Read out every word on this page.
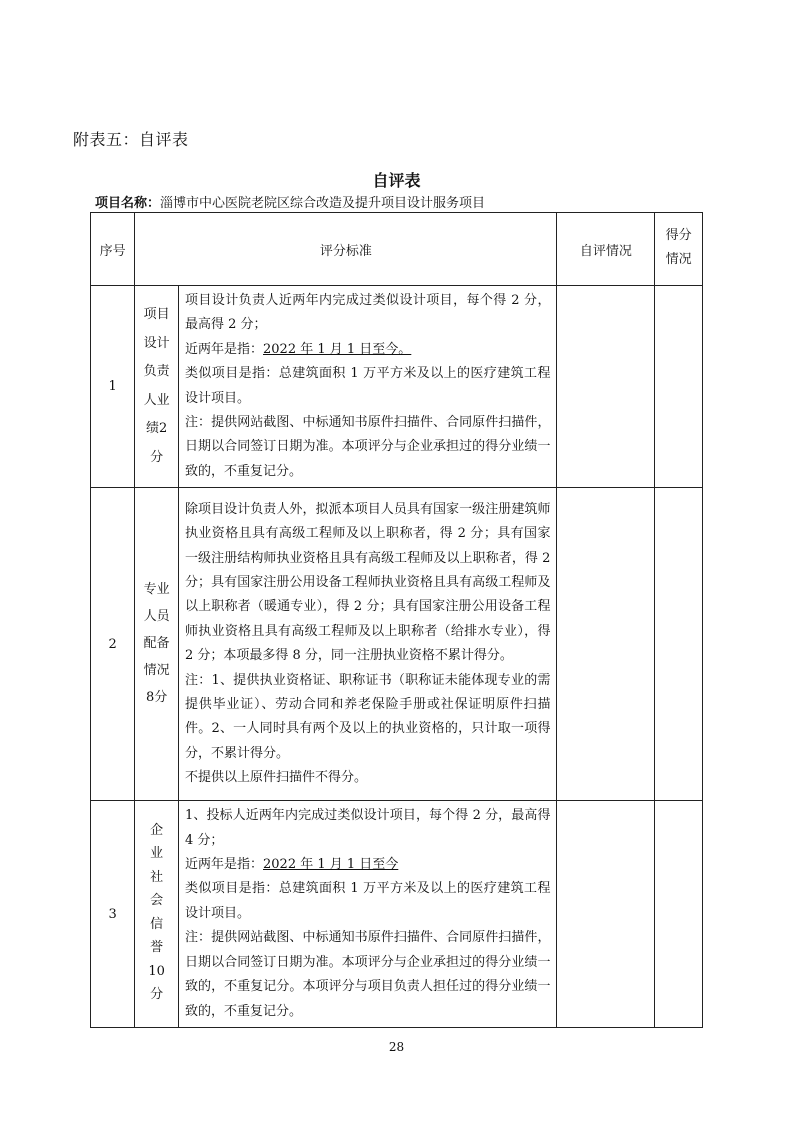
附表五：自评表
自评表
项目名称：淄博市中心医院老院区综合改造及提升项目设计服务项目
序号	评分标准		自评情况	得分情况
1	项目设计负责人业绩2分	项目设计负责人近两年内完成过类似设计项目，每个得 2 分，最高得 2 分；
近两年是指：2022 年 1 月 1 日至今。
类似项目是指：总建筑面积 1 万平方米及以上的医疗建筑工程设计项目。
注：提供网站截图、中标通知书原件扫描件、合同原件扫描件，日期以合同签订日期为准。本项评分与企业承担过的得分业绩一致的，不重复记分。		

2	专业人员配备情况8分	除项目设计负责人外，拟派本项目人员具有国家一级注册建筑师执业资格且具有高级工程师及以上职称者，得 2 分；具有国家一级注册结构师执业资格且具有高级工程师及以上职称者，得 2 分；具有国家注册公用设备工程师执业资格且具有高级工程师及以上职称者（暖通专业），得 2 分；具有国家注册公用设备工程师执业资格且具有高级工程师及以上职称者（给排水专业），得 2 分；本项最多得 8 分，同一注册执业资格不累计得分。
注：1、提供执业资格证、职称证书（职称证未能体现专业的需提供毕业证）、劳动合同和养老保险手册或社保证明原件扫描件。2、一人同时具有两个及以上的执业资格的，只计取一项得分，不累计得分。
不提供以上原件扫描件不得分。		

3	企业社会信誉10分	1、投标人近两年内完成过类似设计项目，每个得 2 分，最高得 4 分；
近两年是指：2022 年 1 月 1 日至今
类似项目是指：总建筑面积 1 万平方米及以上的医疗建筑工程设计项目。
注：提供网站截图、中标通知书原件扫描件、合同原件扫描件，日期以合同签订日期为准。本项评分与企业承担过的得分业绩一致的，不重复记分。本项评分与项目负责人担任过的得分业绩一致的，不重复记分。		

28
